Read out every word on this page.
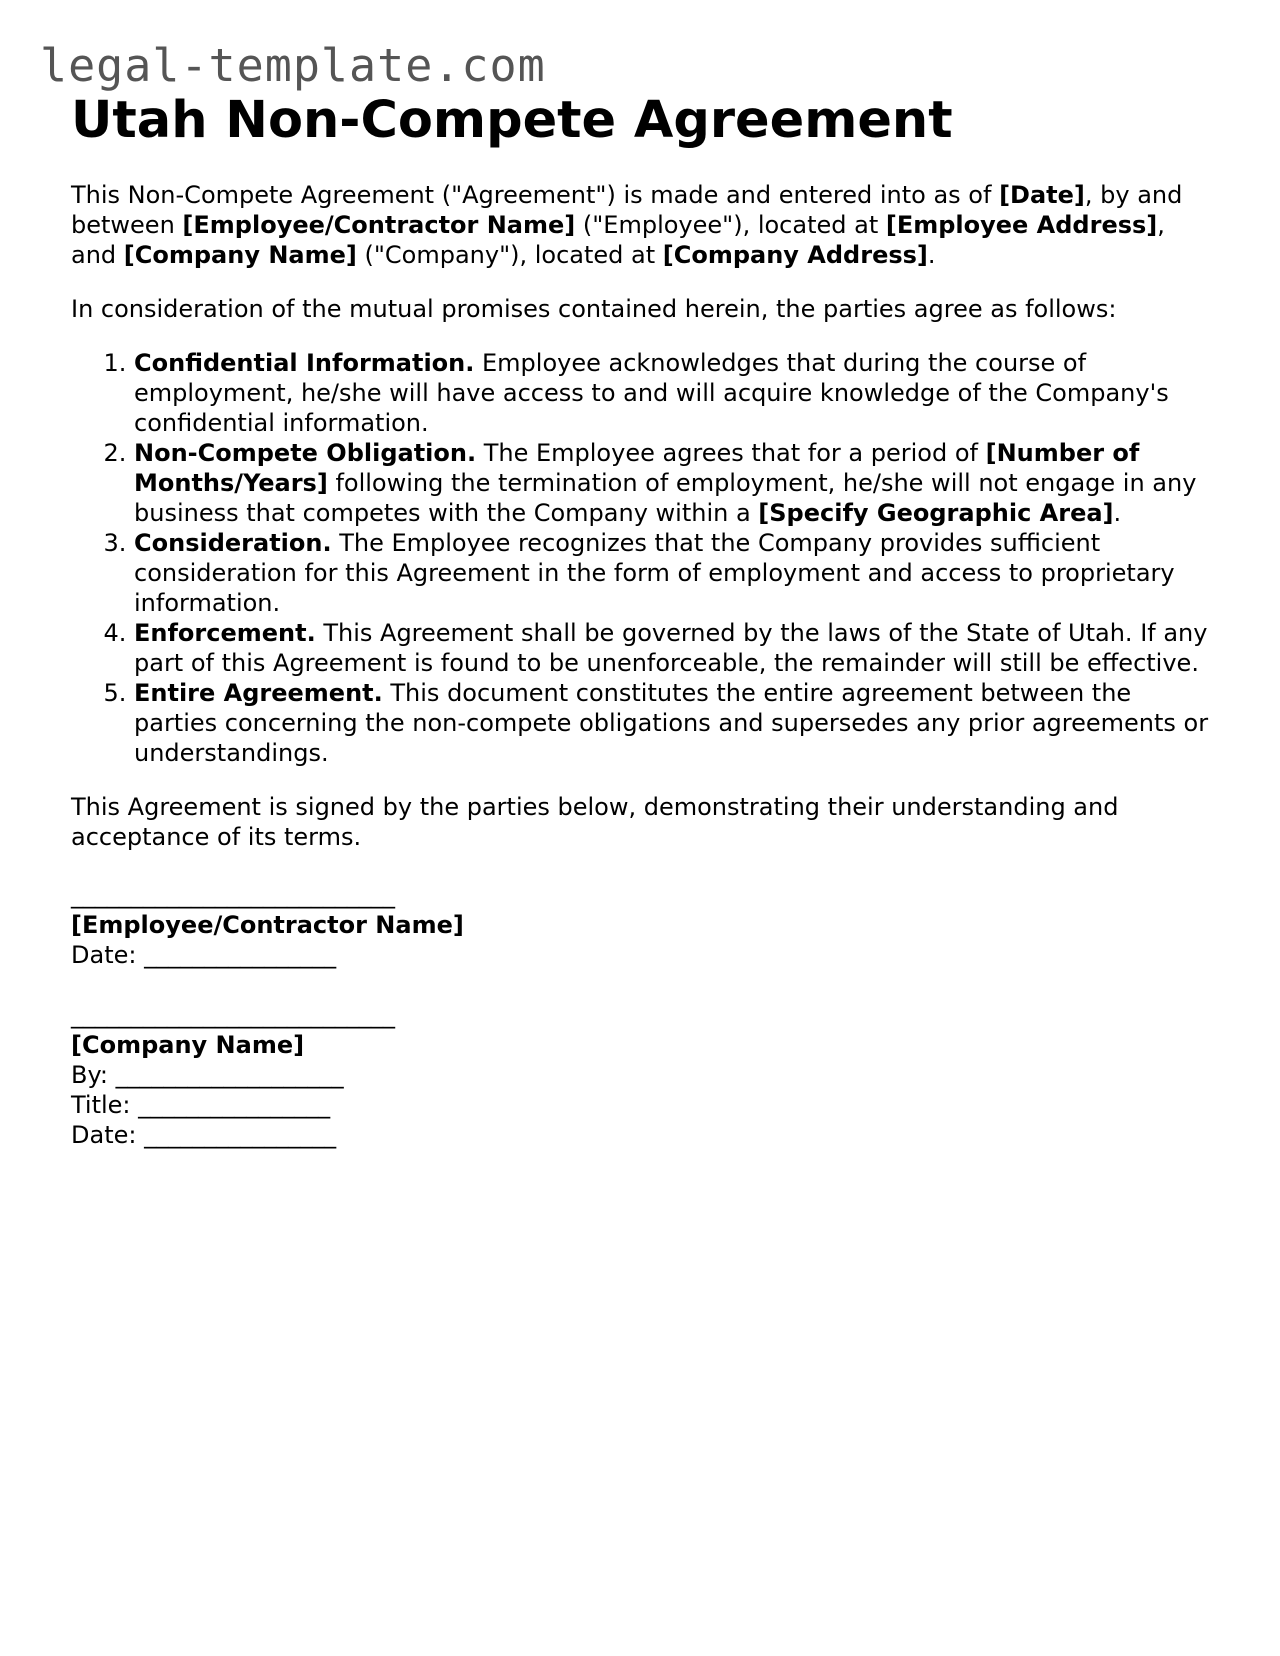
legal-template.com
Utah Non-Compete Agreement

This Non-Compete Agreement ("Agreement") is made and entered into as of [Date], by and between [Employee/Contractor Name] ("Employee"), located at [Employee Address], and [Company Name] ("Company"), located at [Company Address].

In consideration of the mutual promises contained herein, the parties agree as follows:

1. Confidential Information. Employee acknowledges that during the course of employment, he/she will have access to and will acquire knowledge of the Company's confidential information.
2. Non-Compete Obligation. The Employee agrees that for a period of [Number of Months/Years] following the termination of employment, he/she will not engage in any business that competes with the Company within a [Specify Geographic Area].
3. Consideration. The Employee recognizes that the Company provides sufficient consideration for this Agreement in the form of employment and access to proprietary information.
4. Enforcement. This Agreement shall be governed by the laws of the State of Utah. If any part of this Agreement is found to be unenforceable, the remainder will still be effective.
5. Entire Agreement. This document constitutes the entire agreement between the parties concerning the non-compete obligations and supersedes any prior agreements or understandings.

This Agreement is signed by the parties below, demonstrating their understanding and acceptance of its terms.

___________________________
[Employee/Contractor Name]
Date: ________________
___________________________
[Company Name]
By: ___________________
Title: ________________
Date: ________________
